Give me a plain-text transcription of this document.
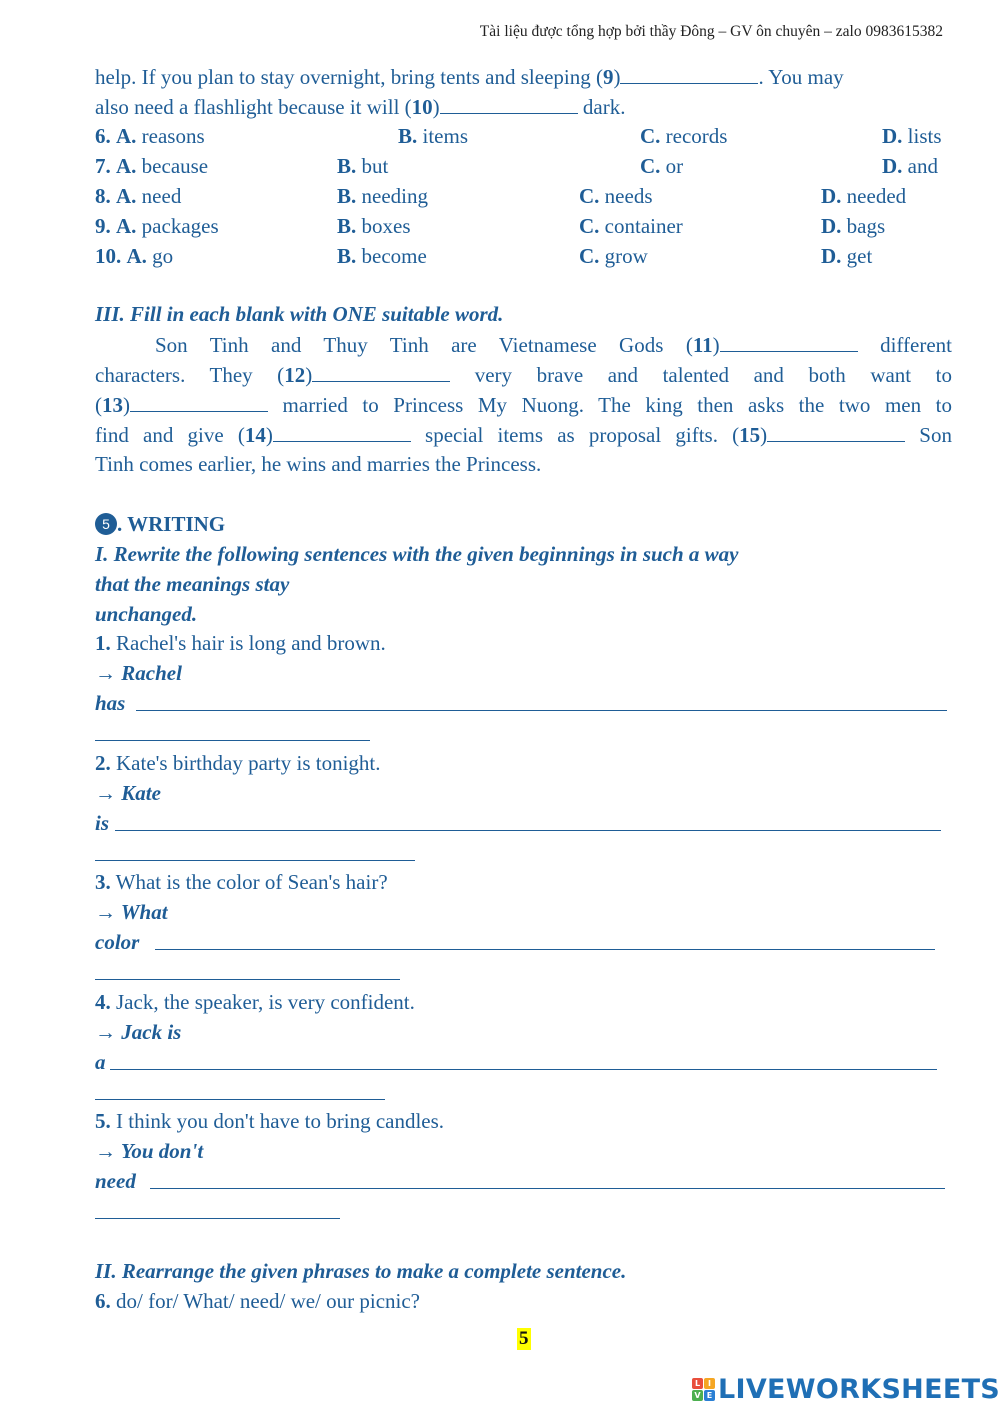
Tài liệu được tổng hợp bởi thầy Đông – GV ôn chuyên – zalo 0983615382
help. If you plan to stay overnight, bring tents and sleeping (9)	. You may
also need a flashlight because it will (10)	dark.
6. A. reasons	B. items	C. records	D. lists
7. A. because	B. but	C. or	D. and
8. A. need	B. needing	C. needs	D. needed
9. A. packages	B. boxes	C. container	D. bags
10. A. go	B. become	C. grow	D. get
III. Fill in each blank with ONE suitable word.
Son Tinh and Thuy Tinh are Vietnamese Gods (11)	different
characters. They (12)	very brave and talented and both want to
(13)	married to Princess My Nuong. The king then asks the two men to
find and give (14)	special items as proposal gifts. (15)	Son
Tinh comes earlier, he wins and marries the Princess.
5 . WRITING
I. Rewrite the following sentences with the given beginnings in such a way
that the meanings stay
unchanged.
1. Rachel's hair is long and brown.
→ Rachel
has
2. Kate's birthday party is tonight.
→ Kate
is
3. What is the color of Sean's hair?
→ What
color
4. Jack, the speaker, is very confident.
→ Jack is
a
5. I think you don't have to bring candles.
→ You don't
need
II. Rearrange the given phrases to make a complete sentence.
6. do/ for/ What/ need/ we/ our picnic?
5
L I
V E LIVEWORKSHEETS
